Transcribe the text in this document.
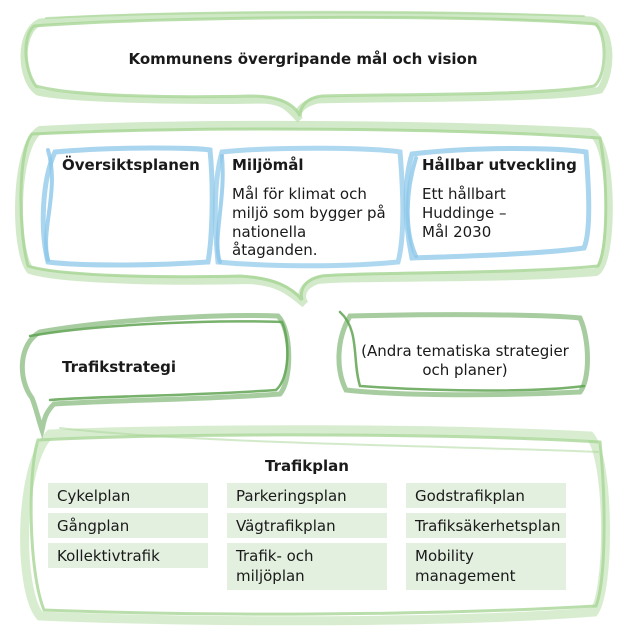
Kommunens övergripande mål och vision
Översiktsplanen Miljömål
Mål för klimat och miljö som bygger på nationella åtaganden.
Hållbar utveckling
Ett hållbart Huddinge – Mål 2030
Trafikstrategi
(Andra tematiska strategier och planer)
Trafikplan
Cykelplan
Gångplan
Kollektivtrafik
Parkeringsplan
Vägtrafikplan
Trafik- och miljöplan
Godstrafikplan
Trafiksäkerhetsplan
Mobility management
